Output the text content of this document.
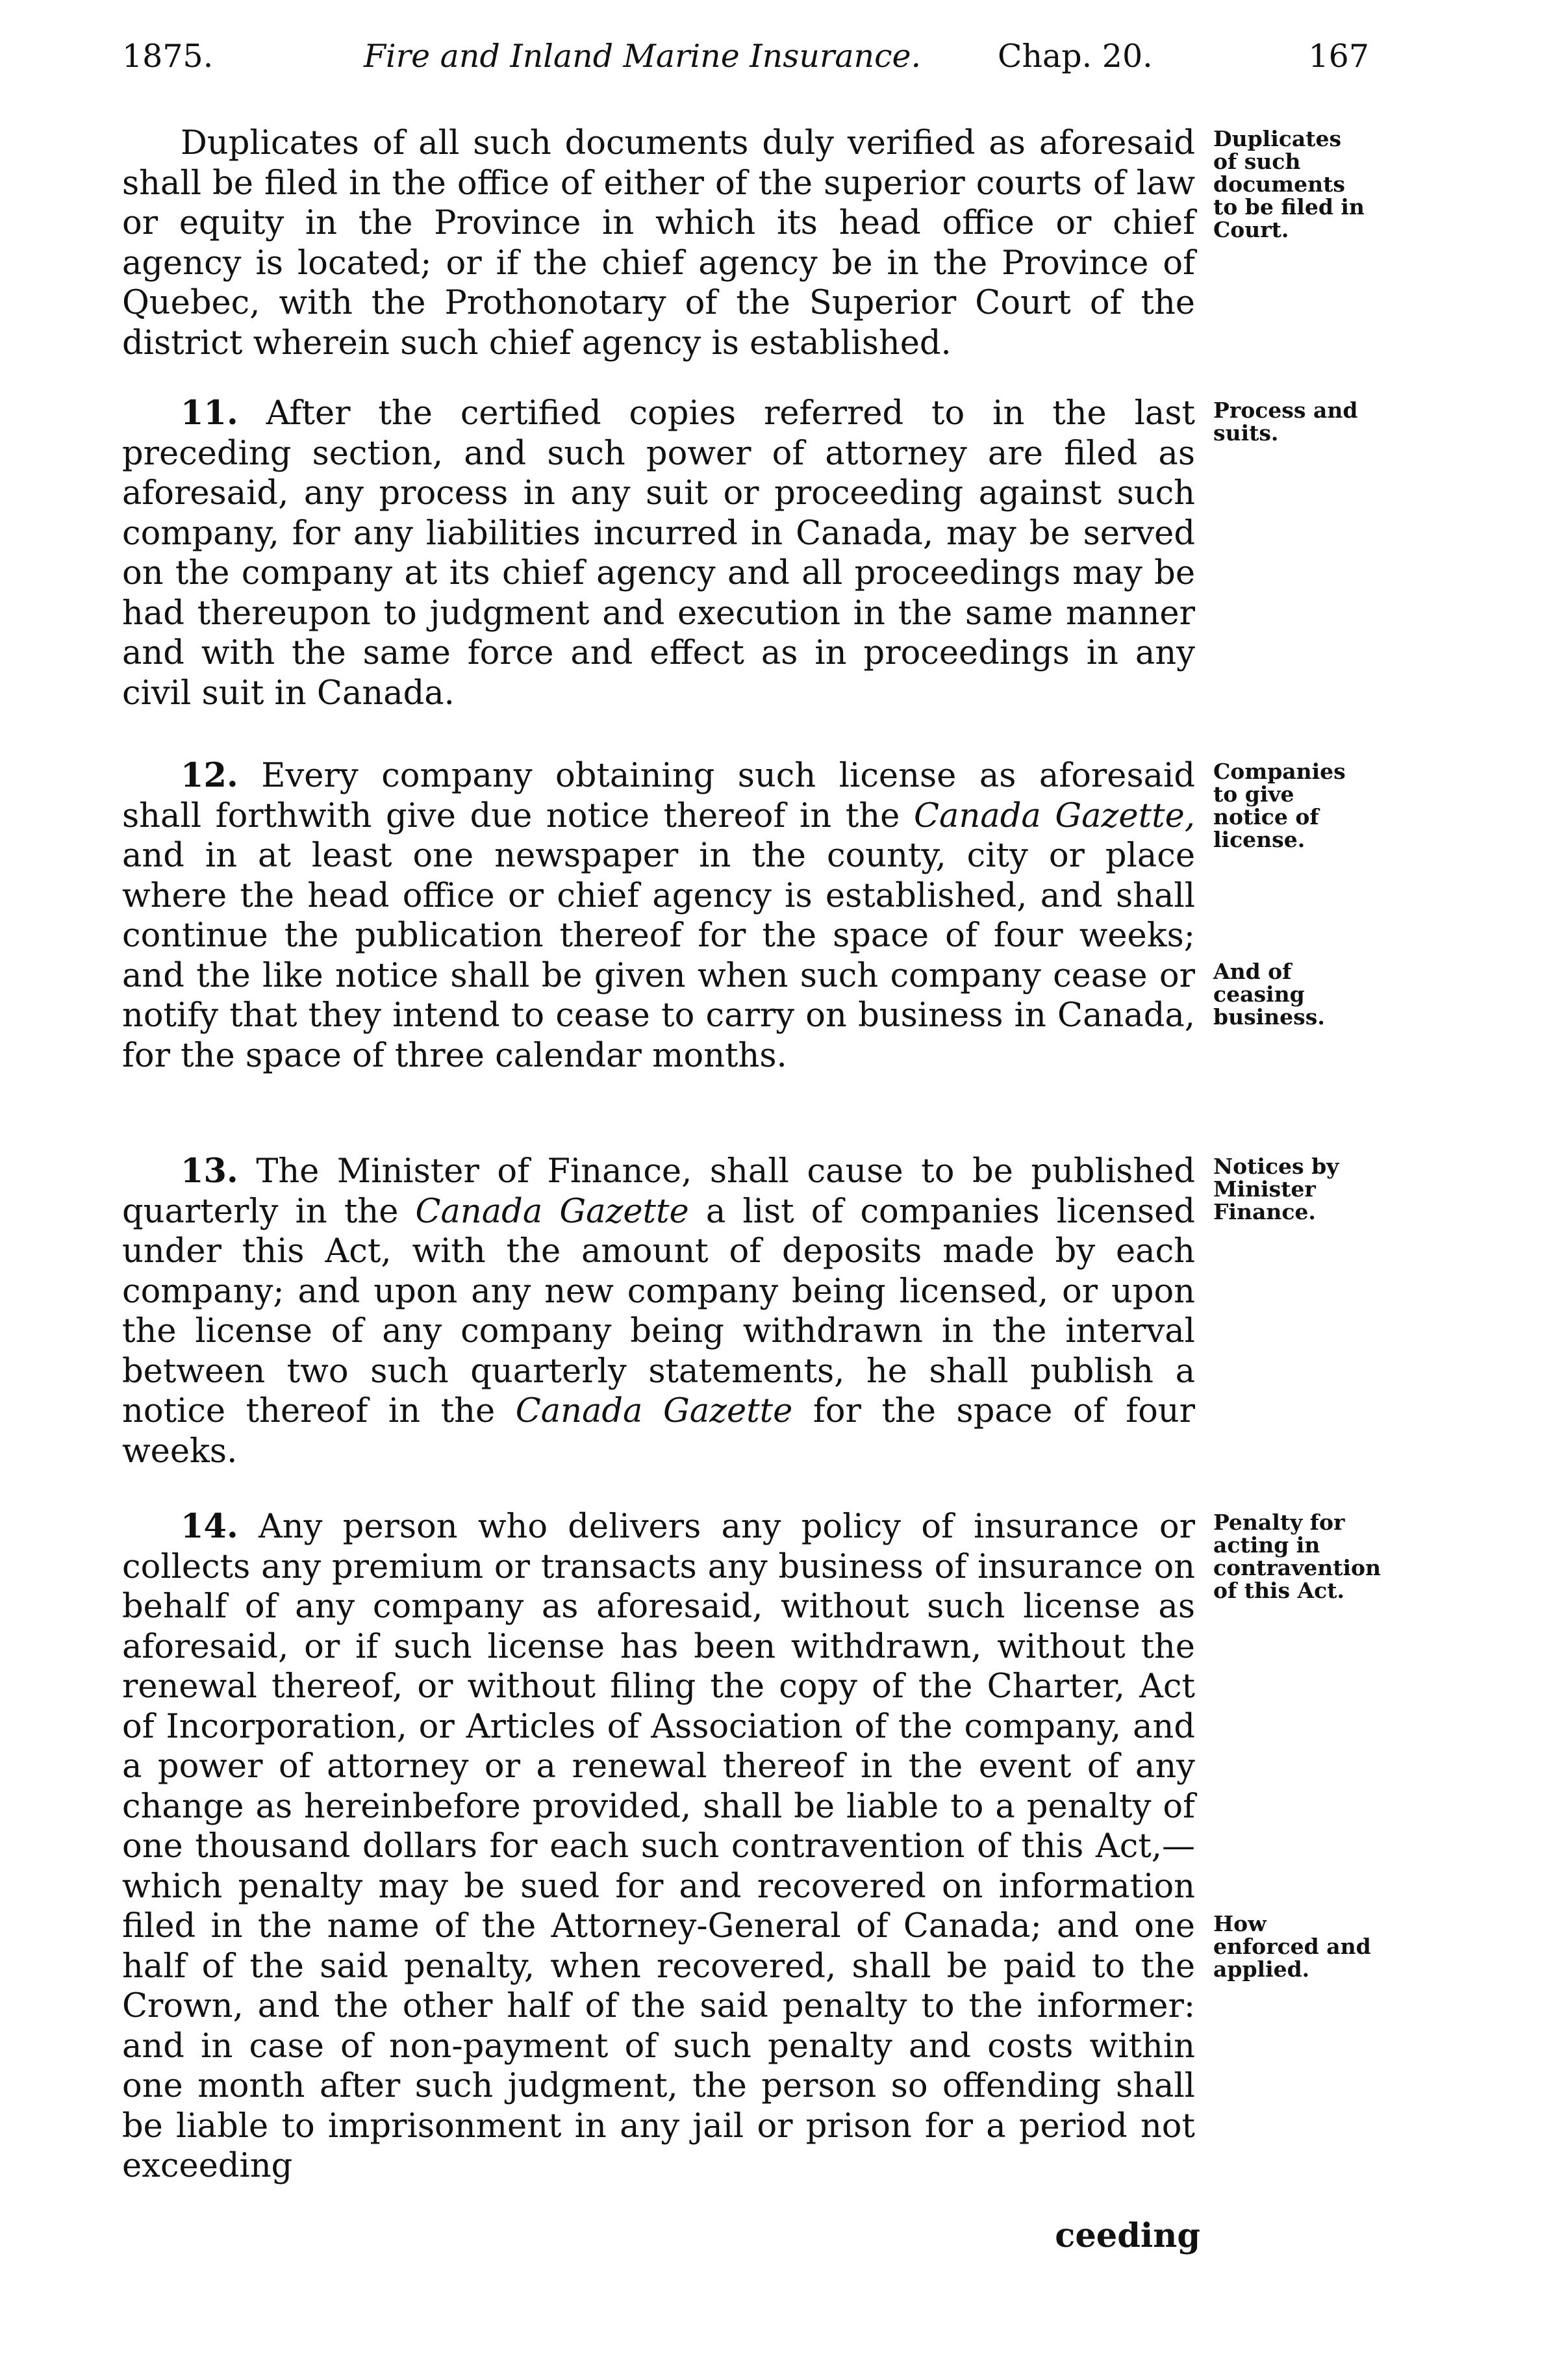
1875.	Fire and Inland Marine Insurance. Chap. 20.	167

Duplicates of all such documents duly verified as aforesaid shall be filed in the office of either of the superior courts of law or equity in the Province in which its head office or chief agency is located; or if the chief agency be in the Province of Quebec, with the Prothonotary of the Superior Court of the district wherein such chief agency is established.

11. After the certified copies referred to in the last preceding section, and such power of attorney are filed as aforesaid, any process in any suit or proceeding against such company, for any liabilities incurred in Canada, may be served on the company at its chief agency and all proceedings may be had thereupon to judgment and execution in the same manner and with the same force and effect as in proceedings in any civil suit in Canada.

12. Every company obtaining such license as aforesaid shall forthwith give due notice thereof in the Canada Gazette, and in at least one newspaper in the county, city or place where the head office or chief agency is established, and shall continue the publication thereof for the space of four weeks; and the like notice shall be given when such company cease or notify that they intend to cease to carry on business in Canada, for the space of three calendar months.

13. The Minister of Finance, shall cause to be published quarterly in the Canada Gazette a list of companies licensed under this Act, with the amount of deposits made by each company; and upon any new company being licensed, or upon the license of any company being withdrawn in the interval between two such quarterly statements, he shall publish a notice thereof in the Canada Gazette for the space of four weeks.

14. Any person who delivers any policy of insurance or collects any premium or transacts any business of insurance on behalf of any company as aforesaid, without such license as aforesaid, or if such license has been withdrawn, without the renewal thereof, or without filing the copy of the Charter, Act of Incorporation, or Articles of Association of the company, and a power of attorney or a renewal thereof in the event of any change as hereinbefore provided, shall be liable to a penalty of one thousand dollars for each such contravention of this Act,—which penalty may be sued for and recovered on information filed in the name of the Attorney-General of Canada; and one half of the said penalty, when recovered, shall be paid to the Crown, and the other half of the said penalty to the informer: and in case of non-payment of such penalty and costs within one month after such judgment, the person so offending shall be liable to imprisonment in any jail or prison for a period not exceeding

ceeding
Duplicates of such documents to be filed in Court.
Process and suits.
Companies to give notice of license.
And of ceasing business.
Notices by Minister Finance.
Penalty for acting in contravention of this Act.
How enforced and applied.
